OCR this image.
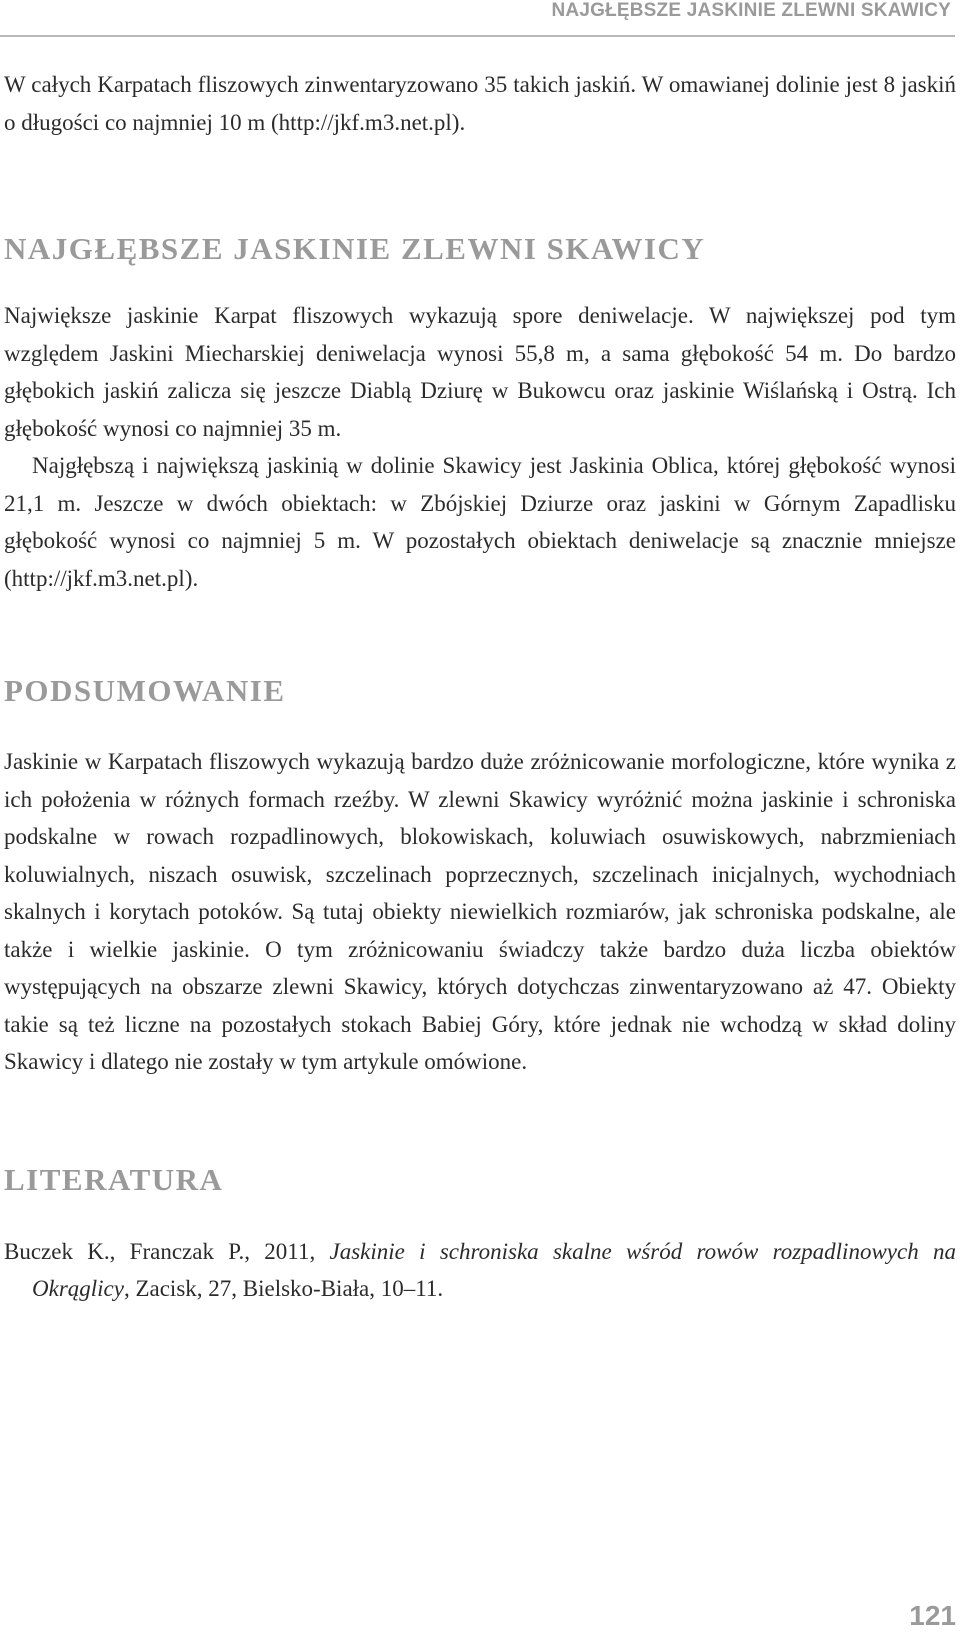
NAJGŁĘBSZE JASKINIE ZLEWNI SKAWICY

W całych Karpatach fliszowych zinwentaryzowano 35 takich jaskiń. W omawianej dolinie jest 8 jaskiń o długości co najmniej 10 m (http://jkf.m3.net.pl).

NAJGŁĘBSZE JASKINIE ZLEWNI SKAWICY

Największe jaskinie Karpat fliszowych wykazują spore deniwelacje. W największej pod tym względem Jaskini Miecharskiej deniwelacja wynosi 55,8 m, a sama głębokość 54 m. Do bardzo głębokich jaskiń zalicza się jeszcze Diablą Dziurę w Bukowcu oraz jaskinie Wiślańską i Ostrą. Ich głębokość wynosi co najmniej 35 m.

Najgłębszą i największą jaskinią w dolinie Skawicy jest Jaskinia Oblica, której głębokość wynosi 21,1 m. Jeszcze w dwóch obiektach: w Zbójskiej Dziurze oraz jaskini w Górnym Zapadlisku głębokość wynosi co najmniej 5 m. W pozostałych obiektach deniwelacje są znacznie mniejsze (http://jkf.m3.net.pl).

PODSUMOWANIE

Jaskinie w Karpatach fliszowych wykazują bardzo duże zróżnicowanie morfologiczne, które wynika z ich położenia w różnych formach rzeźby. W zlewni Skawicy wyróżnić można jaskinie i schroniska podskalne w rowach rozpadlinowych, blokowiskach, koluwiach osuwiskowych, nabrzmieniach koluwialnych, niszach osuwisk, szczelinach poprzecznych, szczelinach inicjalnych, wychodniach skalnych i korytach potoków. Są tutaj obiekty niewielkich rozmiarów, jak schroniska podskalne, ale także i wielkie jaskinie. O tym zróżnicowaniu świadczy także bardzo duża liczba obiektów występujących na obszarze zlewni Skawicy, których dotychczas zinwentaryzowano aż 47. Obiekty takie są też liczne na pozostałych stokach Babiej Góry, które jednak nie wchodzą w skład doliny Skawicy i dlatego nie zostały w tym artykule omówione.

LITERATURA

Buczek K., Franczak P., 2011, Jaskinie i schroniska skalne wśród rowów rozpadlinowych na Okrąglicy, Zacisk, 27, Bielsko-Biała, 10–11.

121
